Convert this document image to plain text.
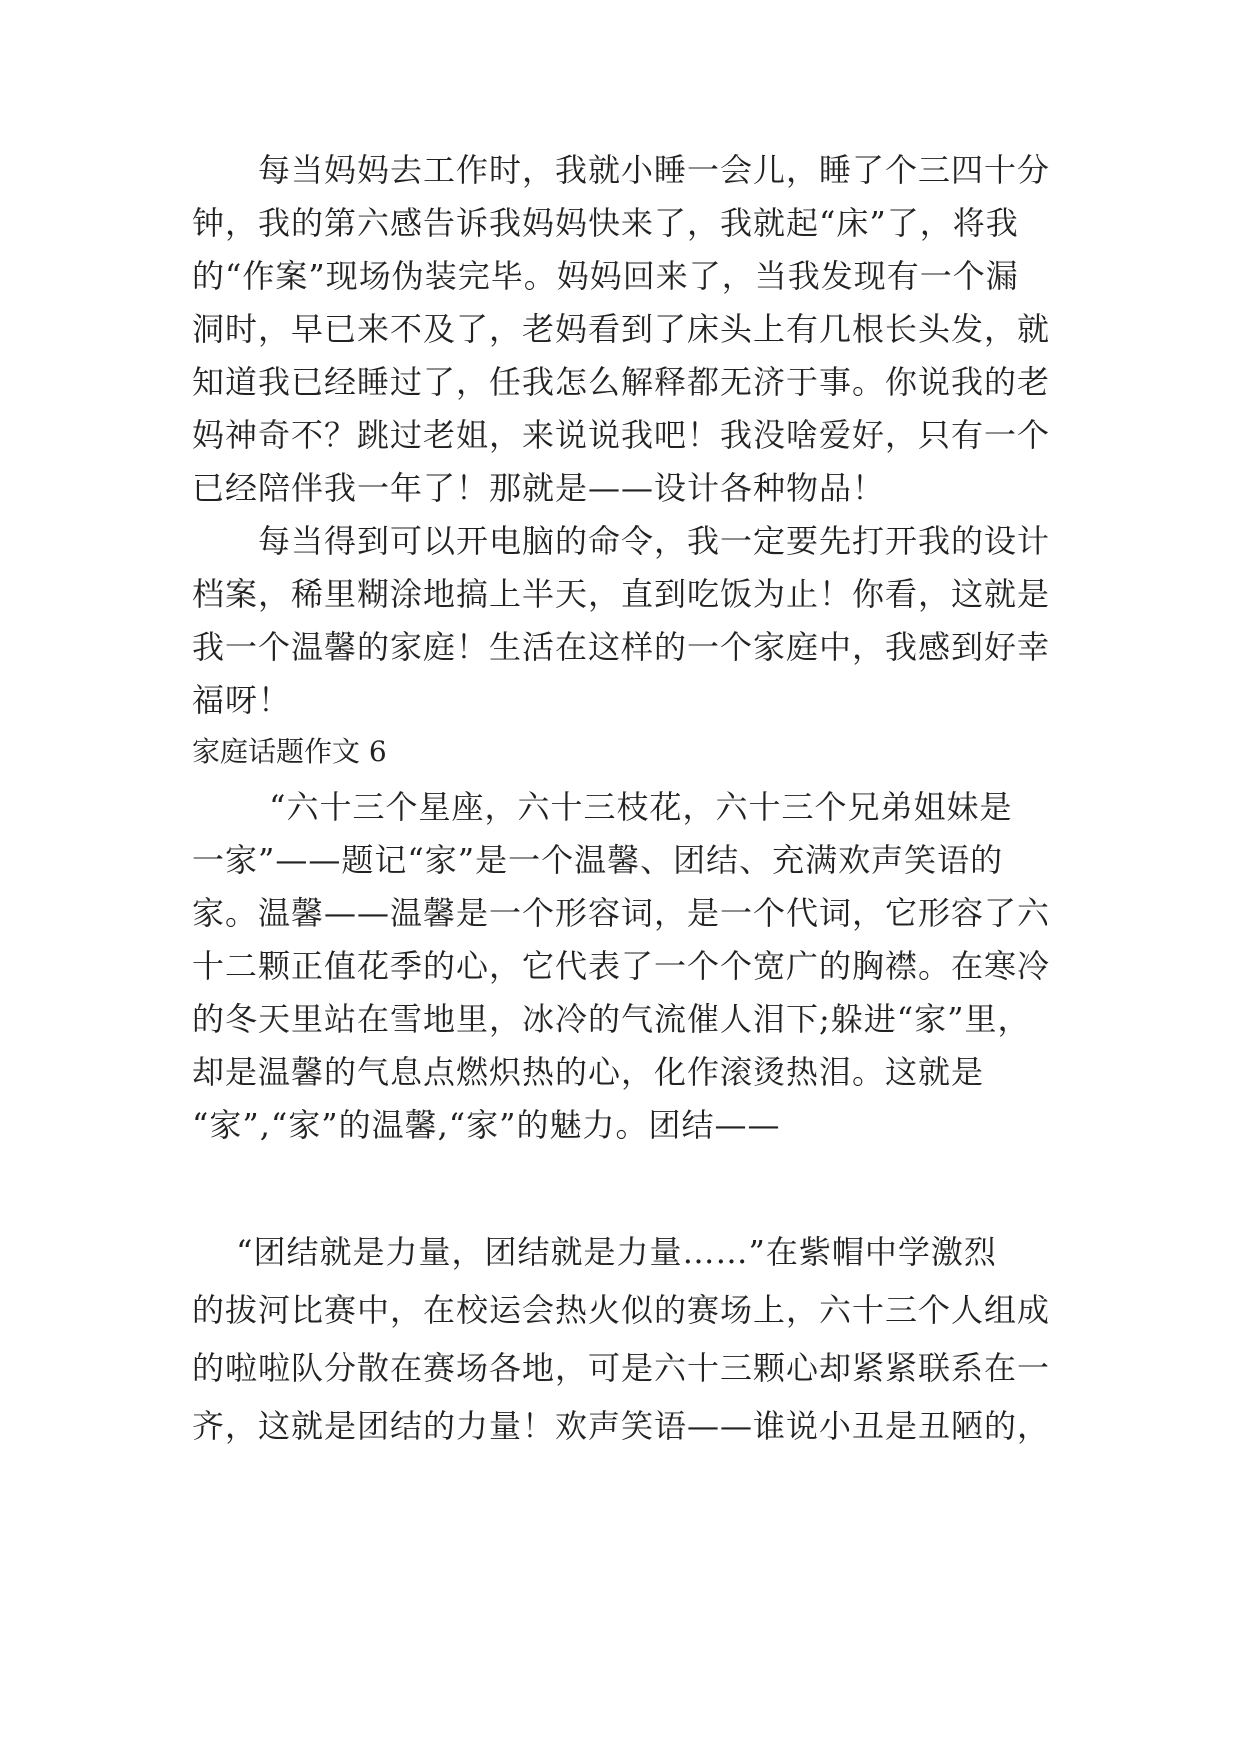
　　每当妈妈去工作时，我就小睡一会儿，睡了个三四十分
钟，我的第六感告诉我妈妈快来了，我就起“床”了，将我
的“作案”现场伪装完毕。妈妈回来了，当我发现有一个漏
洞时，早已来不及了，老妈看到了床头上有几根长头发，就
知道我已经睡过了，任我怎么解释都无济于事。你说我的老
妈神奇不？跳过老姐，来说说我吧！我没啥爱好，只有一个
已经陪伴我一年了！那就是——设计各种物品！
　　每当得到可以开电脑的命令，我一定要先打开我的设计
档案，稀里糊涂地搞上半天，直到吃饭为止！你看，这就是
我一个温馨的家庭！生活在这样的一个家庭中，我感到好幸
福呀！
家庭话题作文 6
　　 “六十三个星座，六十三枝花，六十三个兄弟姐妹是
一家”——题记“家”是一个温馨、团结、充满欢声笑语的
家。温馨——温馨是一个形容词，是一个代词，它形容了六
十二颗正值花季的心，它代表了一个个宽广的胸襟。在寒冷
的冬天里站在雪地里，冰冷的气流催人泪下;躲进“家”里，
却是温馨的气息点燃炽热的心，化作滚烫热泪。这就是
“家”,“家”的温馨,“家”的魅力。团结——
　 “团结就是力量，团结就是力量……”在紫帽中学激烈
的拔河比赛中，在校运会热火似的赛场上，六十三个人组成
的啦啦队分散在赛场各地，可是六十三颗心却紧紧联系在一
齐，这就是团结的力量！欢声笑语——谁说小丑是丑陋的，
